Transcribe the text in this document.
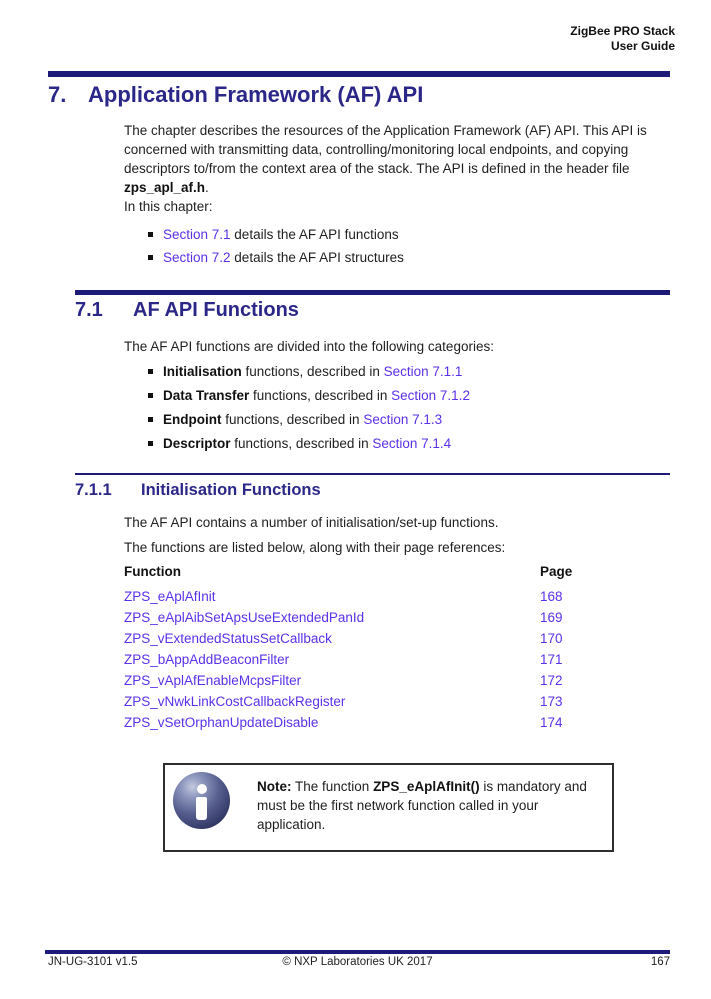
ZigBee PRO Stack
User Guide
7. Application Framework (AF) API

The chapter describes the resources of the Application Framework (AF) API. This API is concerned with transmitting data, controlling/monitoring local endpoints, and copying descriptors to/from the context area of the stack. The API is defined in the header file zps_apl_af.h.

In this chapter:

Section 7.1 details the AF API functions
Section 7.2 details the AF API structures
7.1	AF API Functions

The AF API functions are divided into the following categories:

Initialisation functions, described in Section 7.1.1
Data Transfer functions, described in Section 7.1.2
Endpoint functions, described in Section 7.1.3
Descriptor functions, described in Section 7.1.4
7.1.1	Initialisation Functions

The AF API contains a number of initialisation/set-up functions.

The functions are listed below, along with their page references:

Function	Page
ZPS_eAplAfInit	168
ZPS_eAplAibSetApsUseExtendedPanId	169
ZPS_vExtendedStatusSetCallback	170
ZPS_bAppAddBeaconFilter	171
ZPS_vAplAfEnableMcpsFilter	172
ZPS_vNwkLinkCostCallbackRegister	173
ZPS_vSetOrphanUpdateDisable	174

Note: The function ZPS_eAplAfInit() is mandatory and must be the first network function called in your application.

JN-UG-3101 v1.5	© NXP Laboratories UK 2017	167
